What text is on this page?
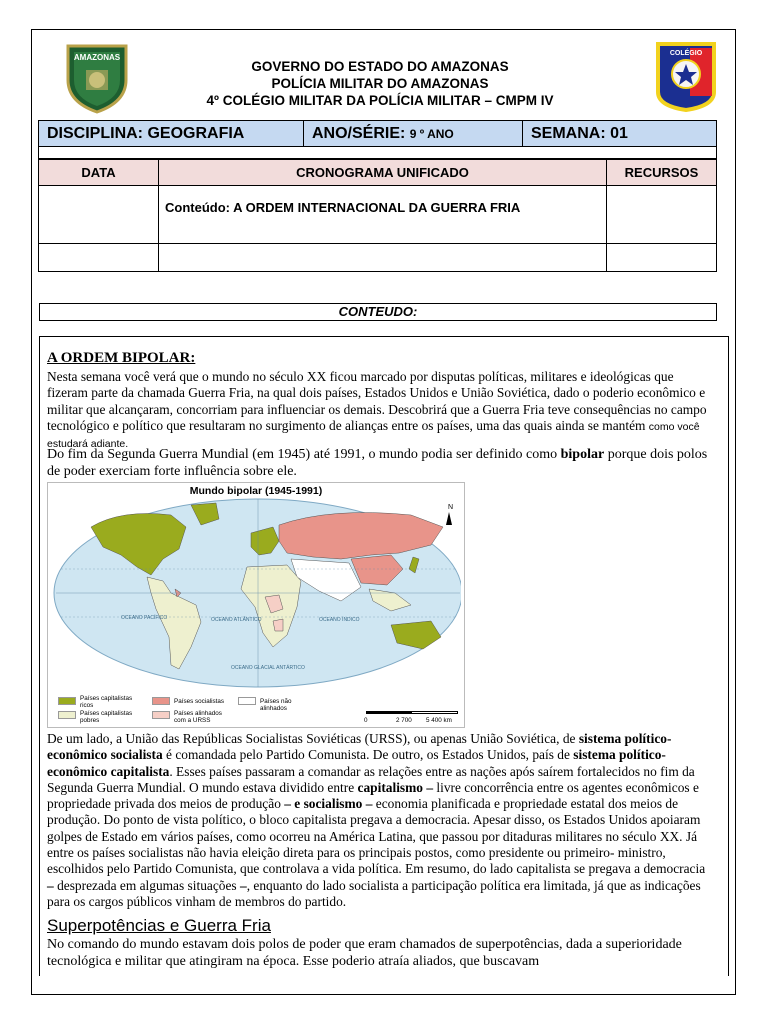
AMAZONAS	COLÉGIO
GOVERNO DO ESTADO DO AMAZONAS
POLÍCIA MILITAR DO AMAZONAS
4º COLÉGIO MILITAR DA POLÍCIA MILITAR – CMPM IV
DISCIPLINA: GEOGRAFIA	ANO/SÉRIE: 9 º ANO	SEMANA: 01

DATA	CRONOGRAMA UNIFICADO	RECURSOS
	Conteúdo: A ORDEM INTERNACIONAL DA GUERRA FRIA	

CONTEUDO:
A ORDEM BIPOLAR:
Nesta semana você verá que o mundo no século XX ficou marcado por disputas políticas, militares e ideológicas que fizeram parte da chamada Guerra Fria, na qual dois países, Estados Unidos e União Soviética, dado o poderio econômico e militar que alcançaram, concorriam para influenciar os demais. Descobrirá que a Guerra Fria teve consequências no campo tecnológico e político que resultaram no surgimento de alianças entre os países, uma das quais ainda se mantém como você estudará adiante.
Do fim da Segunda Guerra Mundial (em 1945) até 1991, o mundo podia ser definido como bipolar porque dois polos de poder exerciam forte influência sobre ele.
Mundo bipolar (1945-1991)
OCEANO PACÍFICO	OCEANO ATLÂNTICO	OCEANO ÍNDICO
OCEANO GLACIAL ANTÁRTICO
N
Países capitalistas ricos
Países capitalistas pobres
Países socialistas
Países alinhados com a URSS
Países não alinhados
0	2 700 5 400 km
De um lado, a União das Repúblicas Socialistas Soviéticas (URSS), ou apenas União Soviética, de sistema político-econômico socialista é comandada pelo Partido Comunista. De outro, os Estados Unidos, país de sistema político-econômico capitalista. Esses países passaram a comandar as relações entre as nações após saírem fortalecidos no fim da Segunda Guerra Mundial. O mundo estava dividido entre capitalismo – livre concorrência entre os agentes econômicos e propriedade privada dos meios de produção – e socialismo – economia planificada e propriedade estatal dos meios de produção. Do ponto de vista político, o bloco capitalista pregava a democracia. Apesar disso, os Estados Unidos apoiaram golpes de Estado em vários países, como ocorreu na América Latina, que passou por ditaduras militares no século XX. Já entre os países socialistas não havia eleição direta para os principais postos, como presidente ou primeiro- ministro, escolhidos pelo Partido Comunista, que controlava a vida política. Em resumo, do lado capitalista se pregava a democracia – desprezada em algumas situações –, enquanto do lado socialista a participação política era limitada, já que as indicações para os cargos públicos vinham de membros do partido.
Superpotências e Guerra Fria
No comando do mundo estavam dois polos de poder que eram chamados de superpotências, dada a superioridade tecnológica e militar que atingiram na época. Esse poderio atraía aliados, que buscavam
